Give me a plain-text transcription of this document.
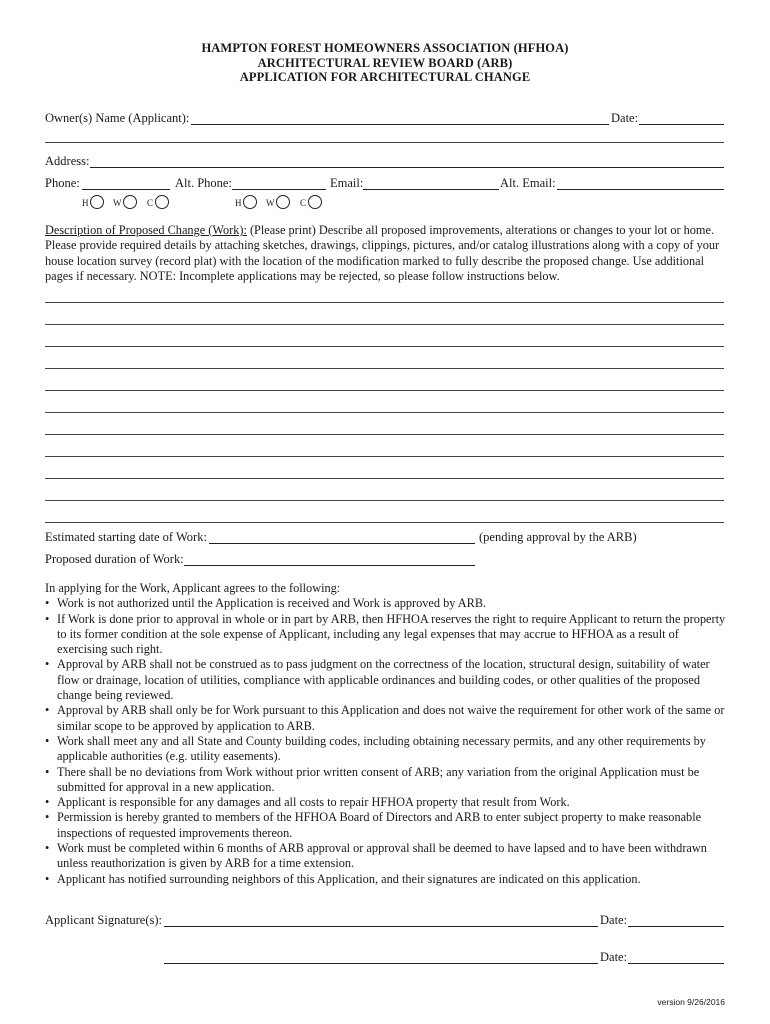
HAMPTON FOREST HOMEOWNERS ASSOCIATION (HFHOA)
ARCHITECTURAL REVIEW BOARD (ARB)
APPLICATION FOR ARCHITECTURAL CHANGE
Owner(s) Name (Applicant):	Date:
Address:
Phone:	Alt. Phone:	Email:	Alt. Email:
H	W	C	H	W	C
Description of Proposed Change (Work): (Please print) Describe all proposed improvements, alterations or changes to your lot or home. Please provide required details by attaching sketches, drawings, clippings, pictures, and/or catalog illustrations along with a copy of your house location survey (record plat) with the location of the modification marked to fully describe the proposed change. Use additional pages if necessary. NOTE: Incomplete applications may be rejected, so please follow instructions below.
Estimated starting date of Work:	(pending approval by the ARB)
Proposed duration of Work:
In applying for the Work, Applicant agrees to the following:
• Work is not authorized until the Application is received and Work is approved by ARB.
• If Work is done prior to approval in whole or in part by ARB, then HFHOA reserves the right to require Applicant to return the property to its former condition at the sole expense of Applicant, including any legal expenses that may accrue to HFHOA as a result of exercising such right.
• Approval by ARB shall not be construed as to pass judgment on the correctness of the location, structural design, suitability of water flow or drainage, location of utilities, compliance with applicable ordinances and building codes, or other qualities of the proposed change being reviewed.
• Approval by ARB shall only be for Work pursuant to this Application and does not waive the requirement for other work of the same or similar scope to be approved by application to ARB.
• Work shall meet any and all State and County building codes, including obtaining necessary permits, and any other requirements by applicable authorities (e.g. utility easements).
• There shall be no deviations from Work without prior written consent of ARB; any variation from the original Application must be submitted for approval in a new application.
• Applicant is responsible for any damages and all costs to repair HFHOA property that result from Work.
• Permission is hereby granted to members of the HFHOA Board of Directors and ARB to enter subject property to make reasonable inspections of requested improvements thereon.
• Work must be completed within 6 months of ARB approval or approval shall be deemed to have lapsed and to have been withdrawn unless reauthorization is given by ARB for a time extension.
• Applicant has notified surrounding neighbors of this Application, and their signatures are indicated on this application.
Applicant Signature(s):	Date:
Date:
version 9/26/2016
